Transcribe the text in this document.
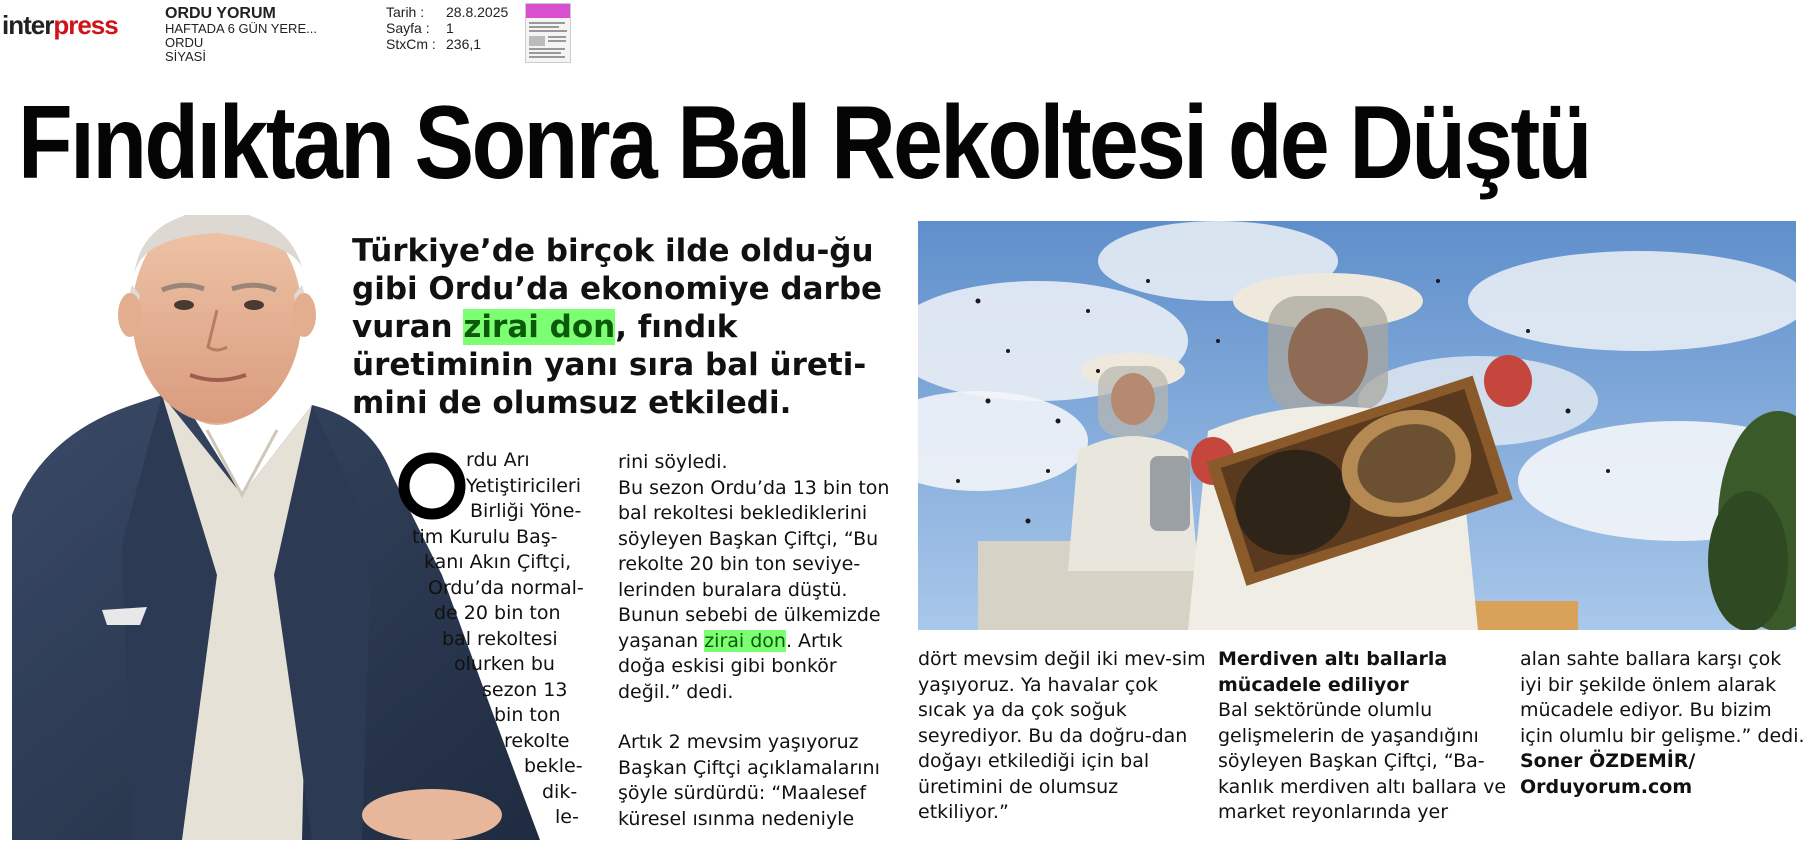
interpress	ORDU YORUM
HAFTADA 6 GÜN YERE...
ORDU
SİYASİ
Tarih :	28.8.2025
Sayfa :	1
StxCm : 236,1
Fındıktan Sonra Bal Rekoltesi de Düştü
Türkiye’de birçok ilde oldu-ğu gibi Ordu’da ekonomiye darbe vuran zirai don, fındık üretiminin yanı sıra bal üreti-mini de olumsuz etkiledi.

rdu Arı

Yetiştiricileri

Birliği Yöne-

tim Kurulu Baş-

kanı Akın Çiftçi,

Ordu’da normal-

de 20 bin ton

bal rekoltesi

olurken bu

sezon 13

bin ton

rekolte

bekle-

dik-

le-

rini söyledi.

Bu sezon Ordu’da 13 bin ton bal rekoltesi beklediklerini söyleyen Başkan Çiftçi, “Bu rekolte 20 bin ton seviye-lerinden buralara düştü. Bunun sebebi de ülkemizde yaşanan zirai don. Artık doğa eskisi gibi bonkör değil.” dedi.

Artık 2 mevsim yaşıyoruz Başkan Çiftçi açıklamalarını şöyle sürdürdü: “Maalesef küresel ısınma nedeniyle

dört mevsim değil iki mev-sim yaşıyoruz. Ya havalar çok sıcak ya da çok soğuk seyrediyor. Bu da doğru-dan doğayı etkilediği için bal üretimini de olumsuz etkiliyor.”
Merdiven altı ballarla mücadele ediliyor
Bal sektöründe olumlu gelişmelerin de yaşandığını söyleyen Başkan Çiftçi, “Ba-kanlık merdiven altı ballara ve market reyonlarında yer
alan sahte ballara karşı çok iyi bir şekilde önlem alarak mücadele ediyor. Bu bizim için olumlu bir gelişme.” dedi.
Soner ÖZDEMİR/
Orduyorum.com
